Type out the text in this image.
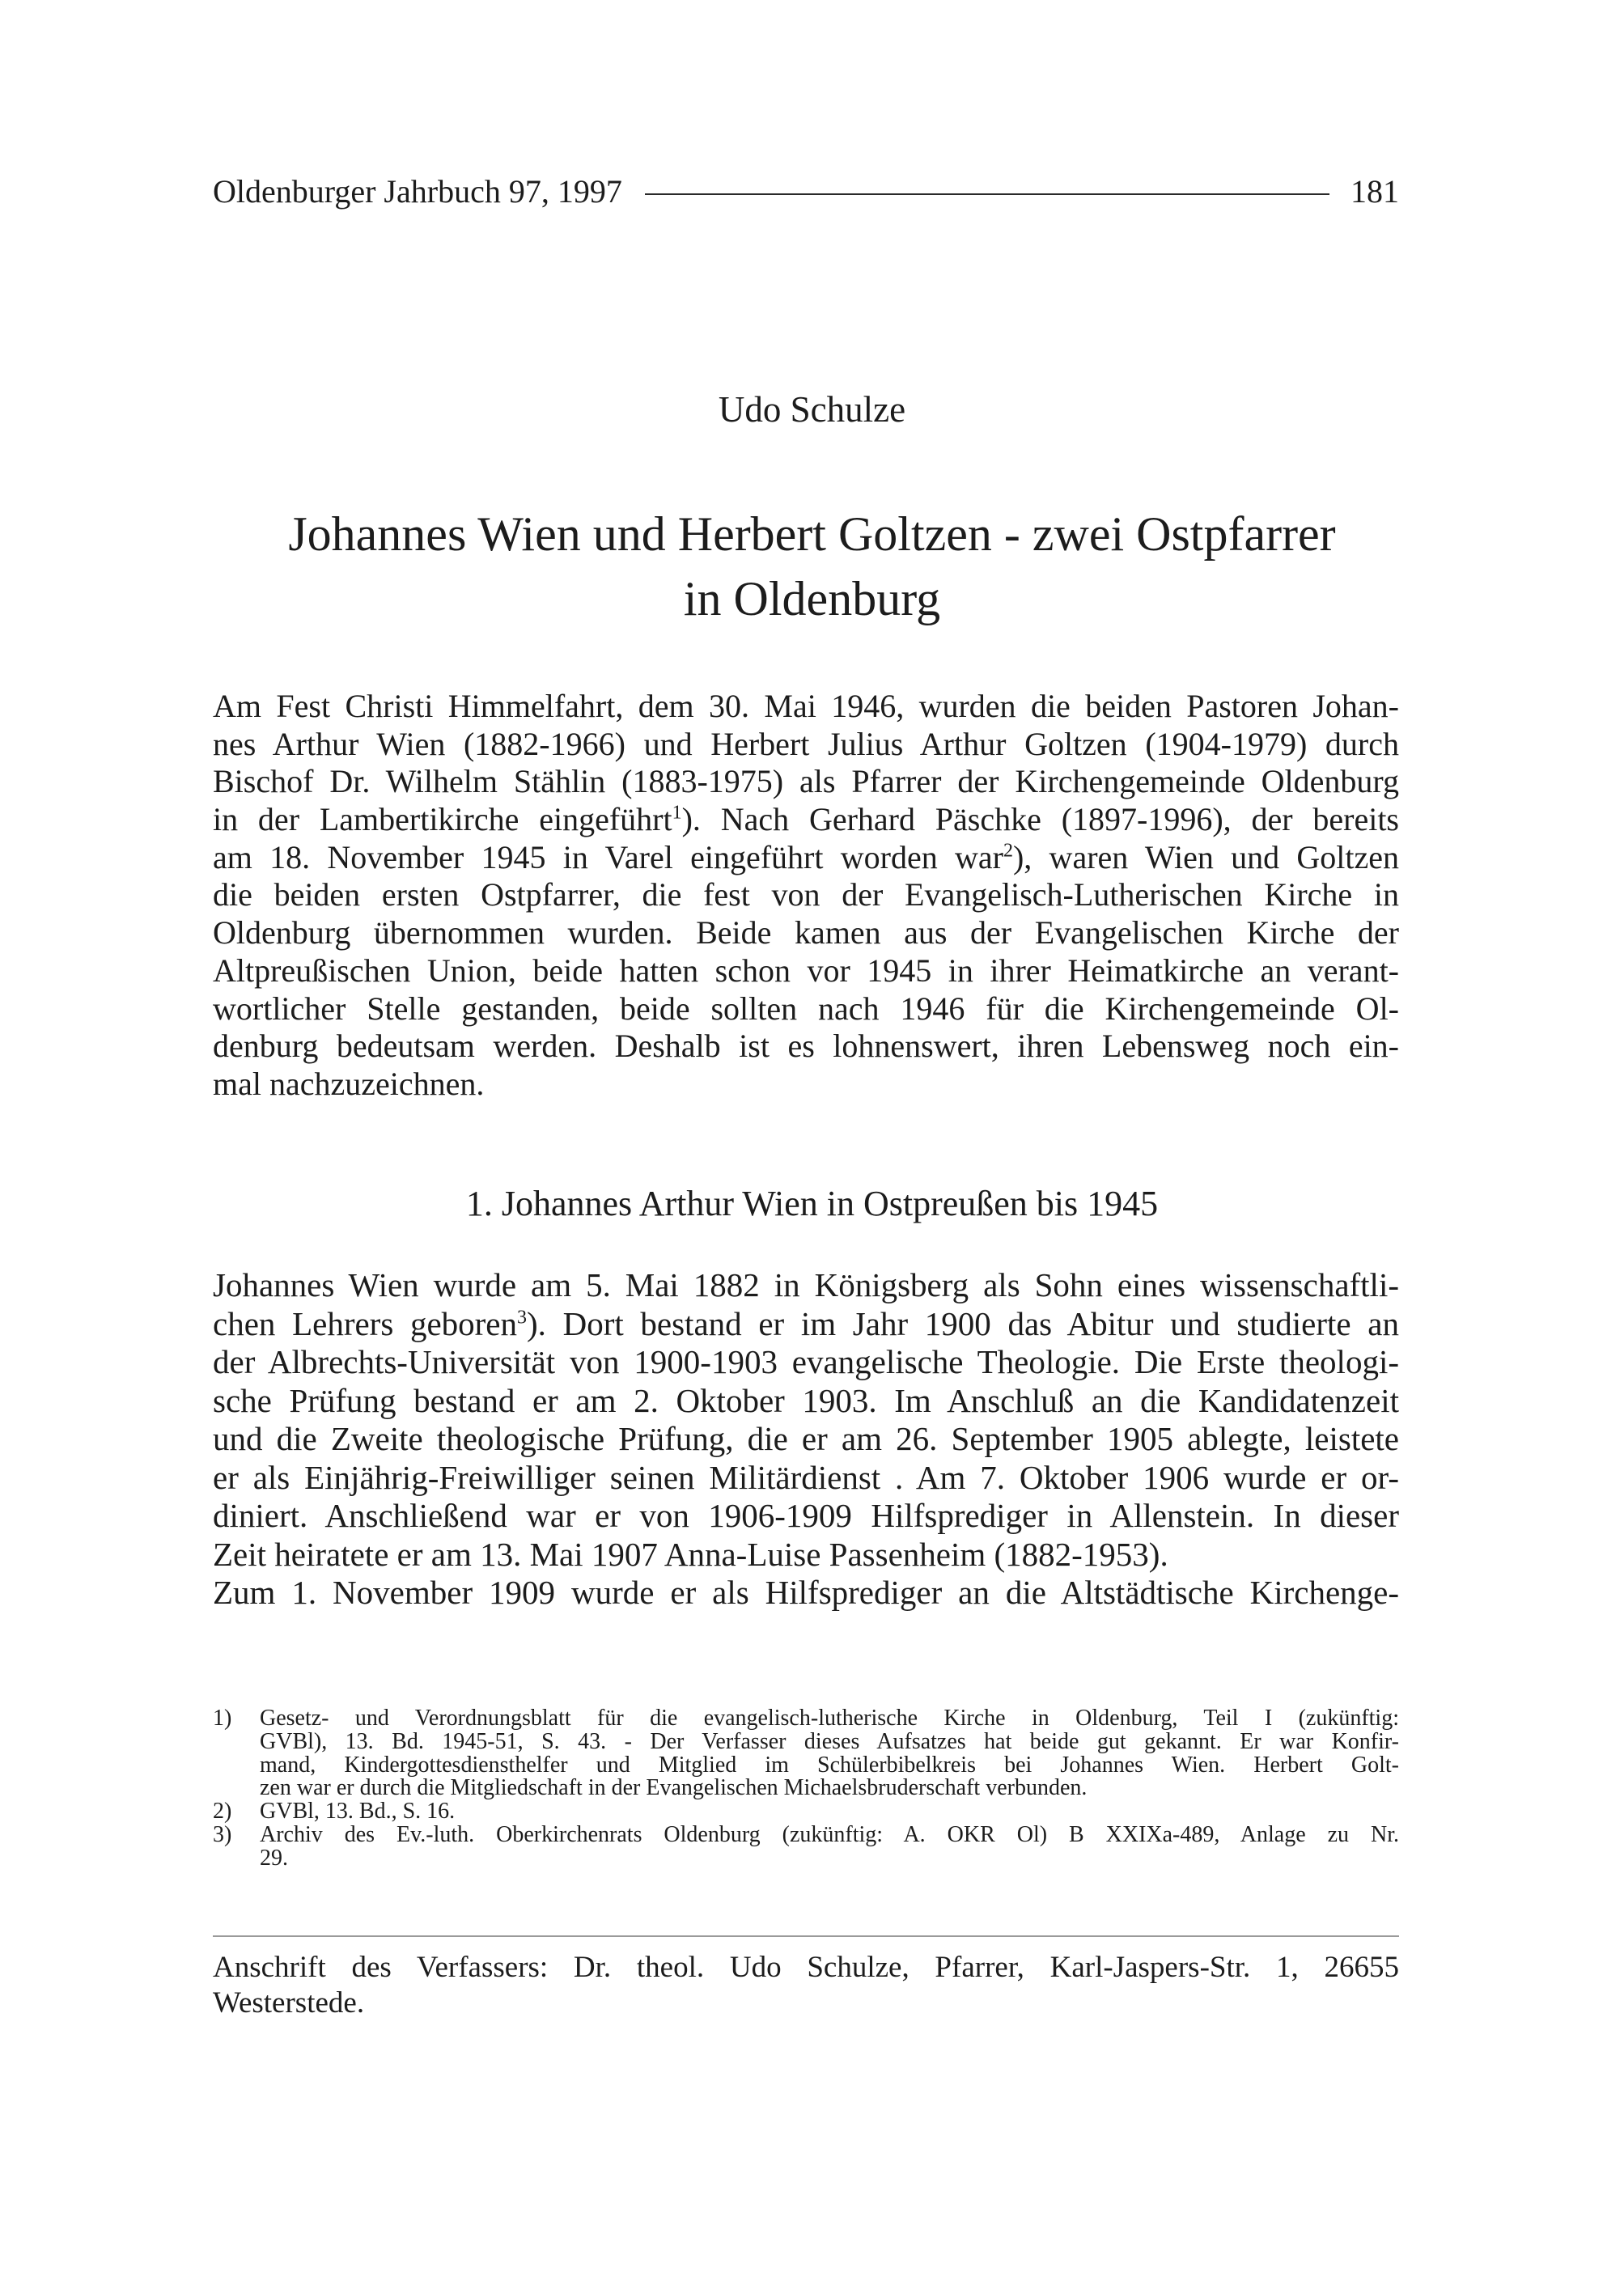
Oldenburger Jahrbuch 97, 1997	181
Udo Schulze
Johannes Wien und Herbert Goltzen - zwei Ostpfarrer
in Oldenburg
Am Fest Christi Himmelfahrt, dem 30. Mai 1946, wurden die beiden Pastoren Johan-
nes Arthur Wien (1882-1966) und Herbert Julius Arthur Goltzen (1904-1979) durch
Bischof Dr. Wilhelm Stählin (1883-1975) als Pfarrer der Kirchengemeinde Oldenburg
in der Lambertikirche eingeführt$^1$). Nach Gerhard Päschke (1897-1996), der bereits
am 18. November 1945 in Varel eingeführt worden war$^2$), waren Wien und Goltzen
die beiden ersten Ostpfarrer, die fest von der Evangelisch-Lutherischen Kirche in
Oldenburg übernommen wurden. Beide kamen aus der Evangelischen Kirche der
Altpreußischen Union, beide hatten schon vor 1945 in ihrer Heimatkirche an verant-
wortlicher Stelle gestanden, beide sollten nach 1946 für die Kirchengemeinde Ol-
denburg bedeutsam werden. Deshalb ist es lohnenswert, ihren Lebensweg noch ein-
mal nachzuzeichnen.
1. Johannes Arthur Wien in Ostpreußen bis 1945
Johannes Wien wurde am 5. Mai 1882 in Königsberg als Sohn eines wissenschaftli-
chen Lehrers geboren$^3$). Dort bestand er im Jahr 1900 das Abitur und studierte an
der Albrechts-Universität von 1900-1903 evangelische Theologie. Die Erste theologi-
sche Prüfung bestand er am 2. Oktober 1903. Im Anschluß an die Kandidatenzeit
und die Zweite theologische Prüfung, die er am 26. September 1905 ablegte, leistete
er als Einjährig-Freiwilliger seinen Militärdienst . Am 7. Oktober 1906 wurde er or-
diniert. Anschließend war er von 1906-1909 Hilfsprediger in Allenstein. In dieser
Zeit heiratete er am 13. Mai 1907 Anna-Luise Passenheim (1882-1953).
Zum 1. November 1909 wurde er als Hilfsprediger an die Altstädtische Kirchenge-
1)	Gesetz- und Verordnungsblatt für die evangelisch-lutherische Kirche in Oldenburg, Teil I (zukünftig:
GVBl), 13. Bd. 1945-51, S. 43. - Der Verfasser dieses Aufsatzes hat beide gut gekannt. Er war Konfir-
mand, Kindergottesdiensthelfer und Mitglied im Schülerbibelkreis bei Johannes Wien. Herbert Golt-
zen war er durch die Mitgliedschaft in der Evangelischen Michaelsbruderschaft verbunden.
2)	GVBl, 13. Bd., S. 16.
3)	Archiv des Ev.-luth. Oberkirchenrats Oldenburg (zukünftig: A. OKR Ol) B XXIXa-489, Anlage zu Nr.
29.
Anschrift des Verfassers: Dr. theol. Udo Schulze, Pfarrer, Karl-Jaspers-Str. 1, 26655
Westerstede.
